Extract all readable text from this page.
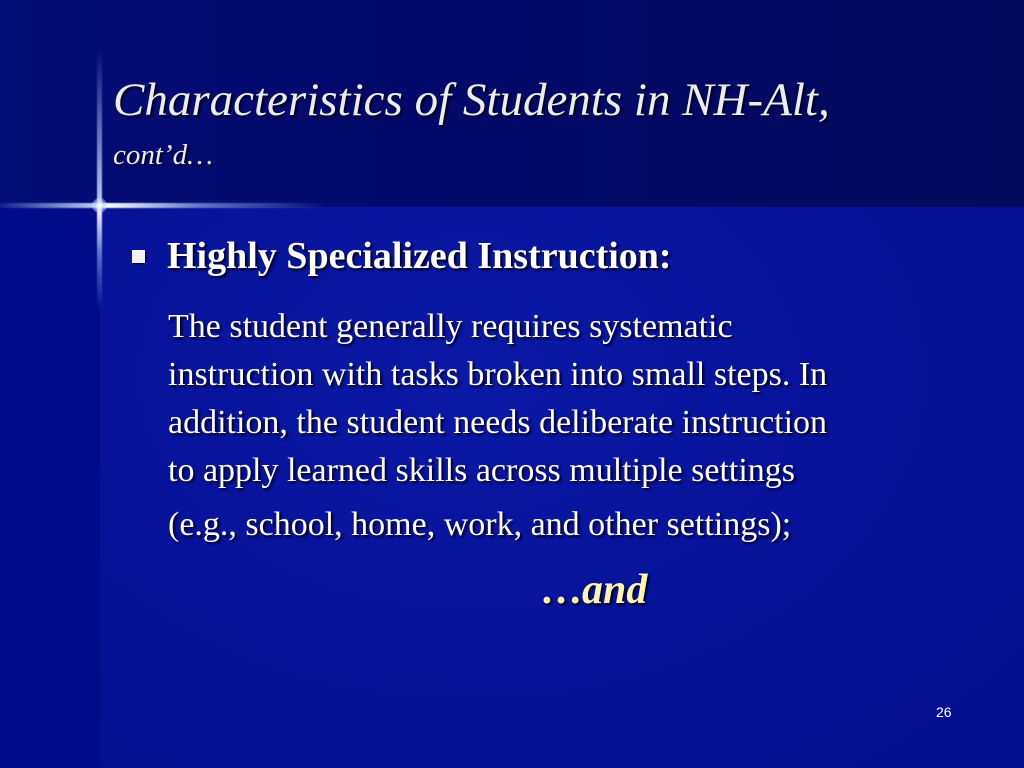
Characteristics of Students in NH-Alt,
cont’d…
Highly Specialized Instruction:
The student generally requires systematic
instruction with tasks broken into small steps. In
addition, the student needs deliberate instruction
to apply learned skills across multiple settings
(e.g., school, home, work, and other settings);
…and
26
